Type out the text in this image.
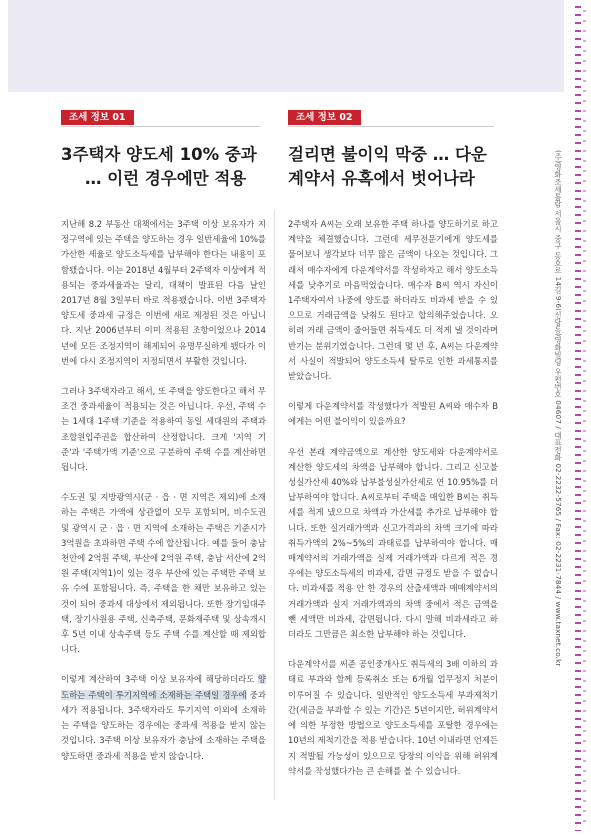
(주)영화조세통람 서울시 중구 동호로 14길 9-6(신당동)영화빌딩 우편번호 04607 / 대표전화 02-2232-5765 / Fax: 02-2231-7844 / www.taxnet.co.kr
조세 정보 01
3주택자 양도세 10% 중과
… 이런 경우에만 적용

지난해 8.2 부동산 대책에서는 3주택 이상 보유자가 지정구역에 있는 주택을 양도하는 경우 일반세율에 10%를 가산한 세율로 양도소득세를 납부해야 한다는 내용이 포함됐습니다. 이는 2018년 4월부터 2주택자 이상에게 적용되는 중과세율과는 달리, 대책이 발표된 다음 날인 2017년 8월 3일부터 바로 적용됐습니다. 이번 3주택자 양도세 중과세 규정은 이번에 새로 제정된 것은 아닙니다. 지난 2006년부터 이미 적용된 조항이었으나 2014년에 모든 조정지역이 해제되어 유명무실하게 됐다가 이번에 다시 조정지역이 지정되면서 부활한 것입니다.

그러나 3주택자라고 해서, 또 주택을 양도한다고 해서 무조건 중과세율이 적용되는 것은 아닙니다. 우선, 주택 수는 1세대 1주택 기준을 적용하여 동일 세대원의 주택과 조합원입주권을 합산하여 산정합니다. 크게 '지역 기준'과 '주택가액 기준'으로 구분하여 주택 수를 계산하면 됩니다.

수도권 및 지방광역시(군 · 읍 · 면 지역은 제외)에 소재하는 주택은 가액에 상관없이 모두 포함되며, 비수도권 및 광역시 군 · 읍 · 면 지역에 소재하는 주택은 기준시가 3억원을 초과하면 주택 수에 합산됩니다. 예를 들어 충남 천안에 2억원 주택, 부산에 2억원 주택, 충남 서산에 2억원 주택(지역1)이 있는 경우 부산에 있는 주택만 주택 보유 수에 포함됩니다. 즉, 주택을 한 채만 보유하고 있는 것이 되어 중과세 대상에서 제외됩니다. 또한 장기임대주택, 장기사원용 주택, 신축주택, 문화재주택 및 상속개시 후 5년 이내 상속주택 등도 주택 수를 계산할 때 제외합니다.

이렇게 계산하여 3주택 이상 보유자에 해당하더라도 양도하는 주택이 투기지역에 소재하는 주택일 경우에 중과세가 적용됩니다. 3주택자라도 투기지역 이외에 소재하는 주택을 양도하는 경우에는 중과세 적용을 받지 않는 것입니다. 3주택 이상 보유자가 충남에 소재하는 주택을 양도하면 중과세 적용을 받지 않습니다.

조세 정보 02
걸리면 불이익 막중 … 다운
계약서 유혹에서 벗어나라

2주택자 A씨는 오래 보유한 주택 하나를 양도하기로 하고 계약을 체결했습니다. 그런데 세무전문기에게 양도세를 물어보니 생각보다 너무 많은 금액이 나오는 것입니다. 그래서 매수자에게 다운계약서를 작성하자고 해서 양도소득세를 낮추기로 마음먹었습니다. 매수자 B씨 역시 자신이 1주택자여서 나중에 양도를 하더라도 비과세 받을 수 있으므로 거래금액을 낮춰도 된다고 합의해주었습니다. 오히려 거래 금액이 줄어들면 취득세도 더 적게 낼 것이라며 반기는 분위기였습니다. 그런데 몇 년 후, A씨는 다운계약서 사실이 적발되어 양도소득세 탈루로 인한 과세통지를 받았습니다.

이렇게 다운계약서를 작성했다가 적발된 A씨와 매수자 B에게는 어떤 불이익이 있을까요?

우선 본래 계약금액으로 계산한 양도세와 다운계약서로 계산한 양도세의 차액을 납부해야 합니다. 그리고 신고불성실가산세 40%와 납부불성실가산세로 연 10.95%를 더 납부하여야 합니다. A씨로부터 주택을 매입한 B씨는 취득세를 적게 냈으므로 차액과 가산세를 추가로 납부해야 합니다. 또한 실거래가액과 신고가격과의 차액 크기에 따라 취득가액의 2%~5%의 과태료를 납부하여야 합니다. 매매계약서의 거래가액을 실제 거래가액과 다르게 적은 경우에는 양도소득세의 비과세, 감면 규정도 받을 수 없습니다. 비과세를 적용 안 한 경우의 산출세액과 매매계약서의 거래가액과 실지 거래가액과의 차액 중에서 적은 금액을 뺀 세액만 비과세, 감면됩니다. 다시 말해 비과세라고 하더라도 그만큼은 최소한 납부해야 하는 것입니다.

다운계약서를 써준 공인중개사도 취득세의 3배 이하의 과태료 부과와 함께 등록취소 또는 6개월 업무정지 처분이 이루어질 수 있습니다. 일반적인 양도소득세 부과제척기간(세금을 부과할 수 있는 기간)은 5년이지만, 허위계약서에 의한 부정한 방법으로 양도소득세를 포탈한 경우에는 10년의 제척기간을 적용 받습니다. 10년 이내라면 언제든지 적발될 가능성이 있으므로 당장의 이익을 위해 허위계약서를 작성했다가는 큰 손해를 볼 수 있습니다.
